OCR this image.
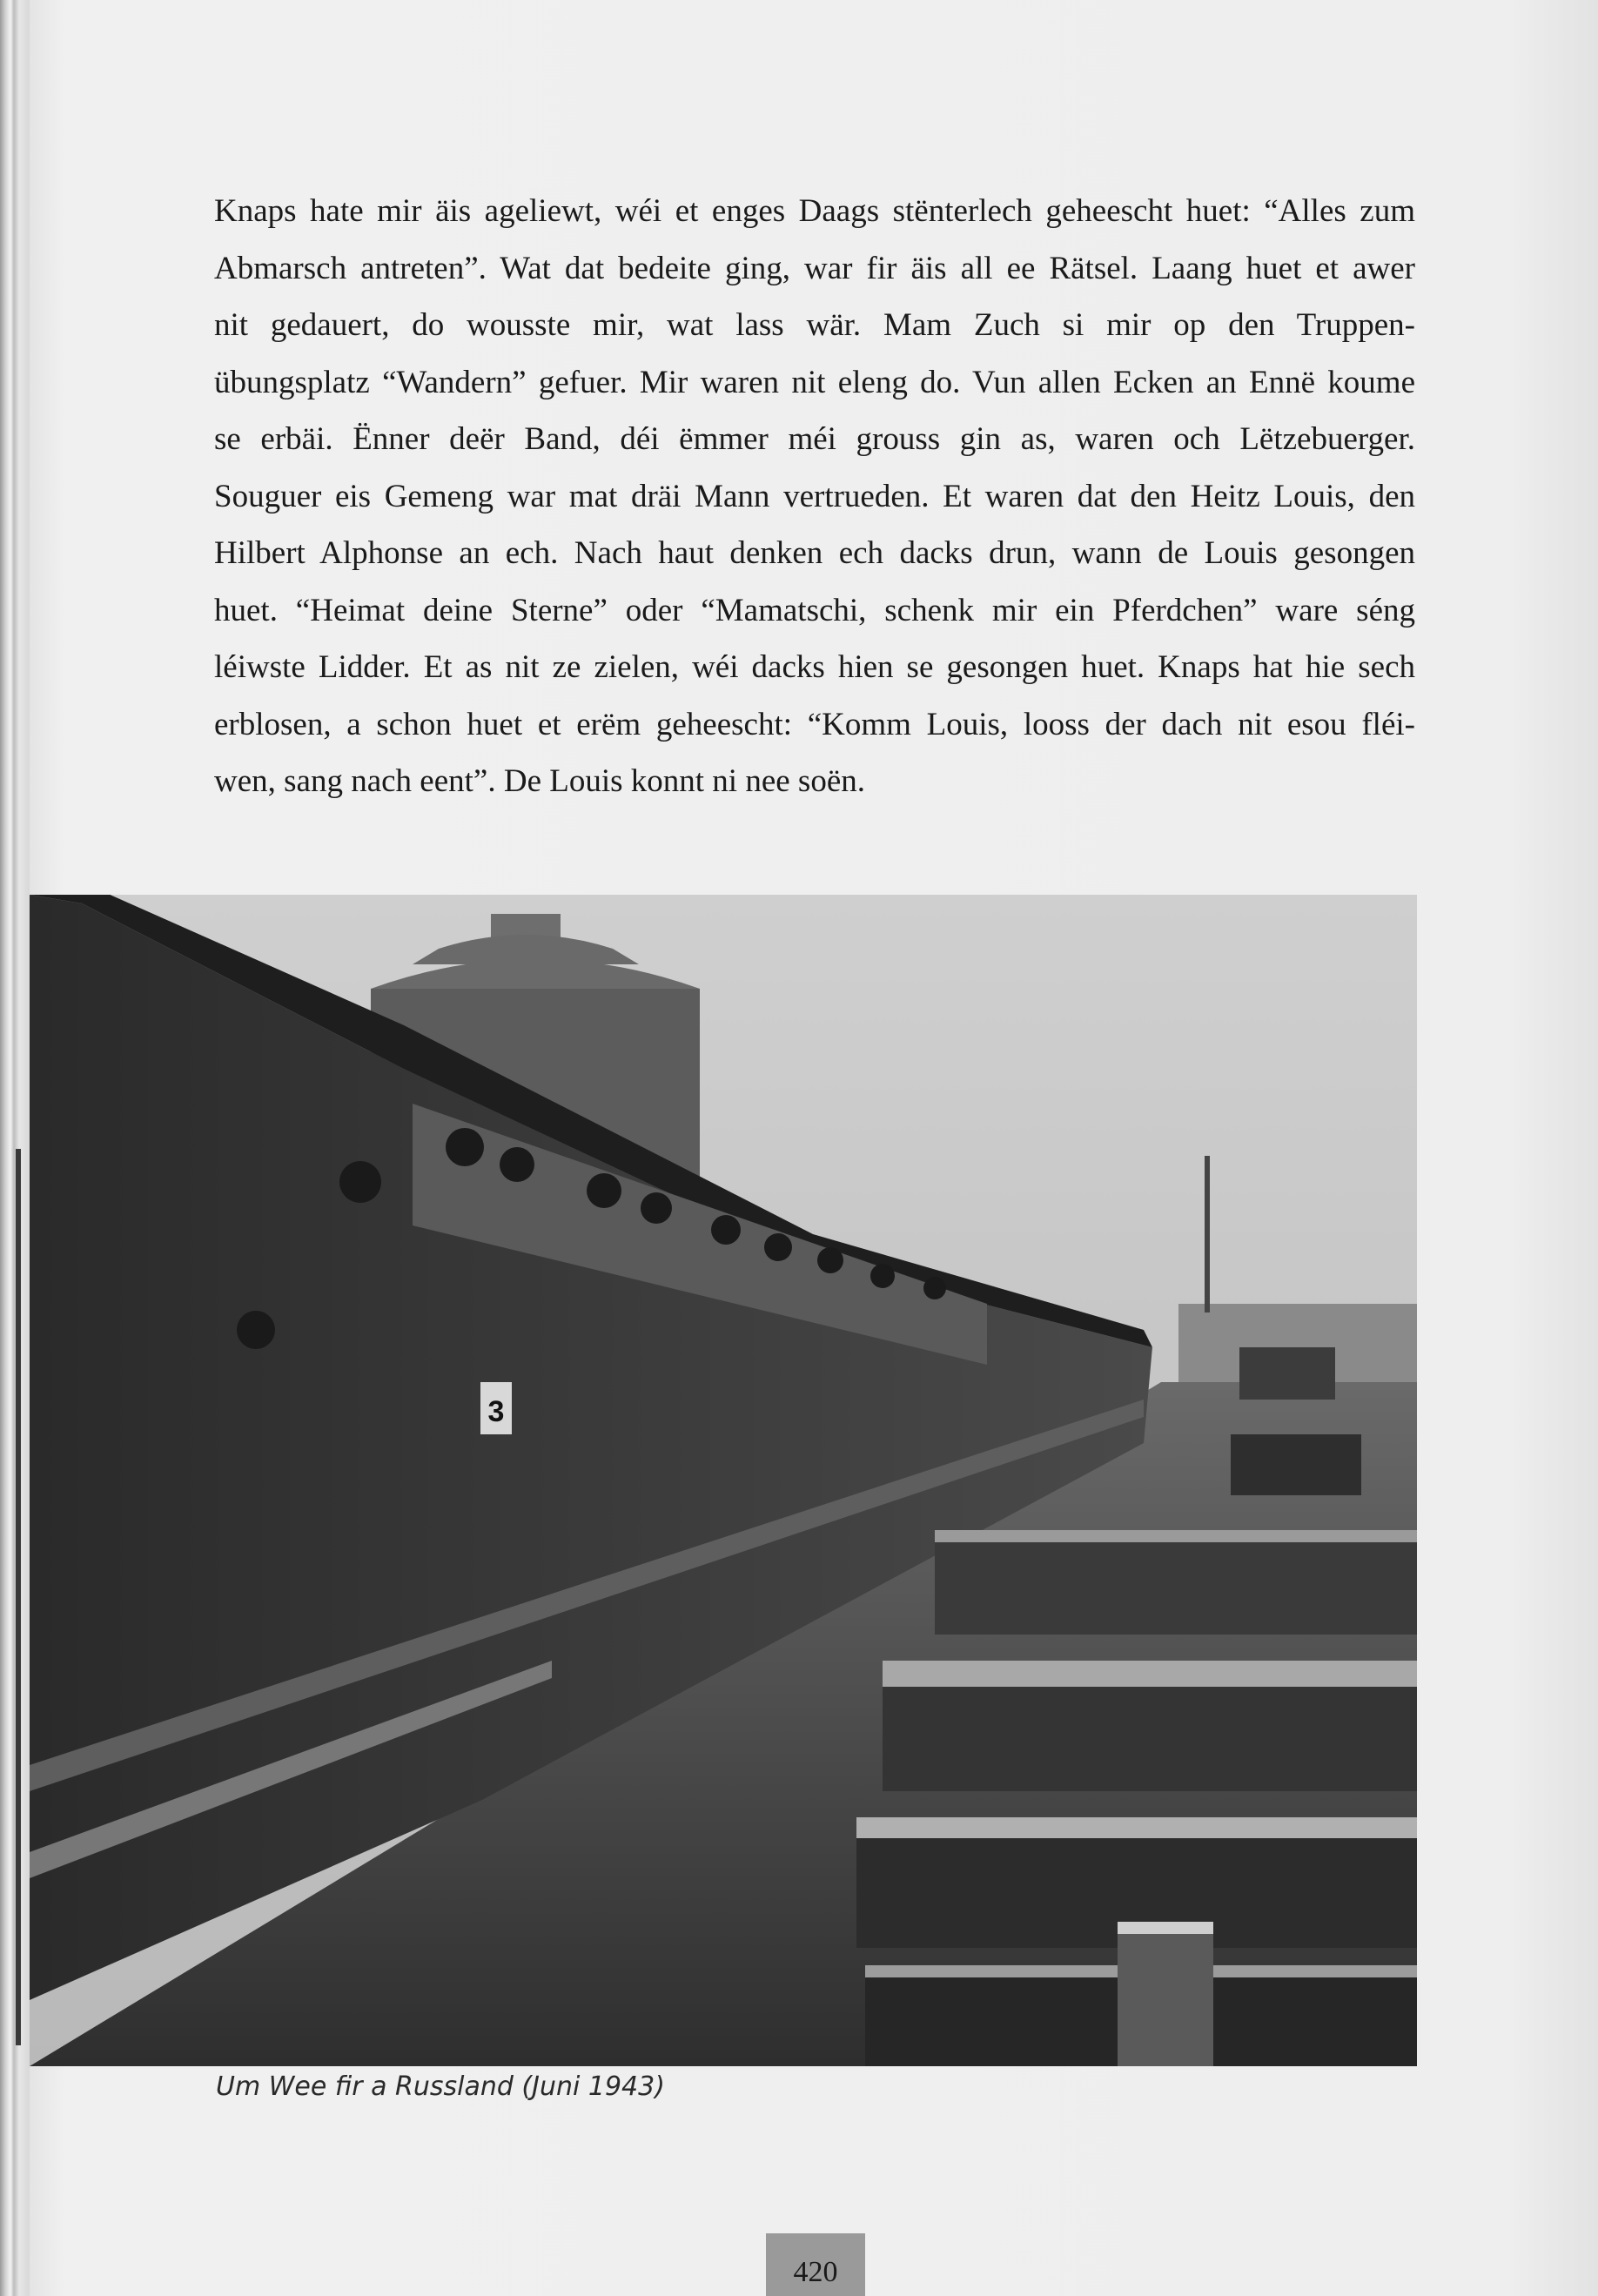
Knaps hate mir äis ageliewt, wéi et enges Daags stënterlech geheescht huet: “Alles zum
Abmarsch antreten”. Wat dat bedeite ging, war fir äis all ee Rätsel. Laang huet et awer
nit gedauert, do wousste mir, wat lass wär. Mam Zuch si mir op den Truppen-
übungsplatz “Wandern” gefuer. Mir waren nit eleng do. Vun allen Ecken an Ennë koume
se erbäi. Ënner deër Band, déi ëmmer méi grouss gin as, waren och Lëtzebuerger.
Souguer eis Gemeng war mat dräi Mann vertrueden. Et waren dat den Heitz Louis, den
Hilbert Alphonse an ech. Nach haut denken ech dacks drun, wann de Louis gesongen
huet. “Heimat deine Sterne” oder “Mamatschi, schenk mir ein Pferdchen” ware séng
léiwste Lidder. Et as nit ze zielen, wéi dacks hien se gesongen huet. Knaps hat hie sech
erblosen, a schon huet et erëm geheescht: “Komm Louis, looss der dach nit esou fléi-
wen, sang nach eent”. De Louis konnt ni nee soën.
3
Um Wee fir a Russland (Juni 1943)
420
